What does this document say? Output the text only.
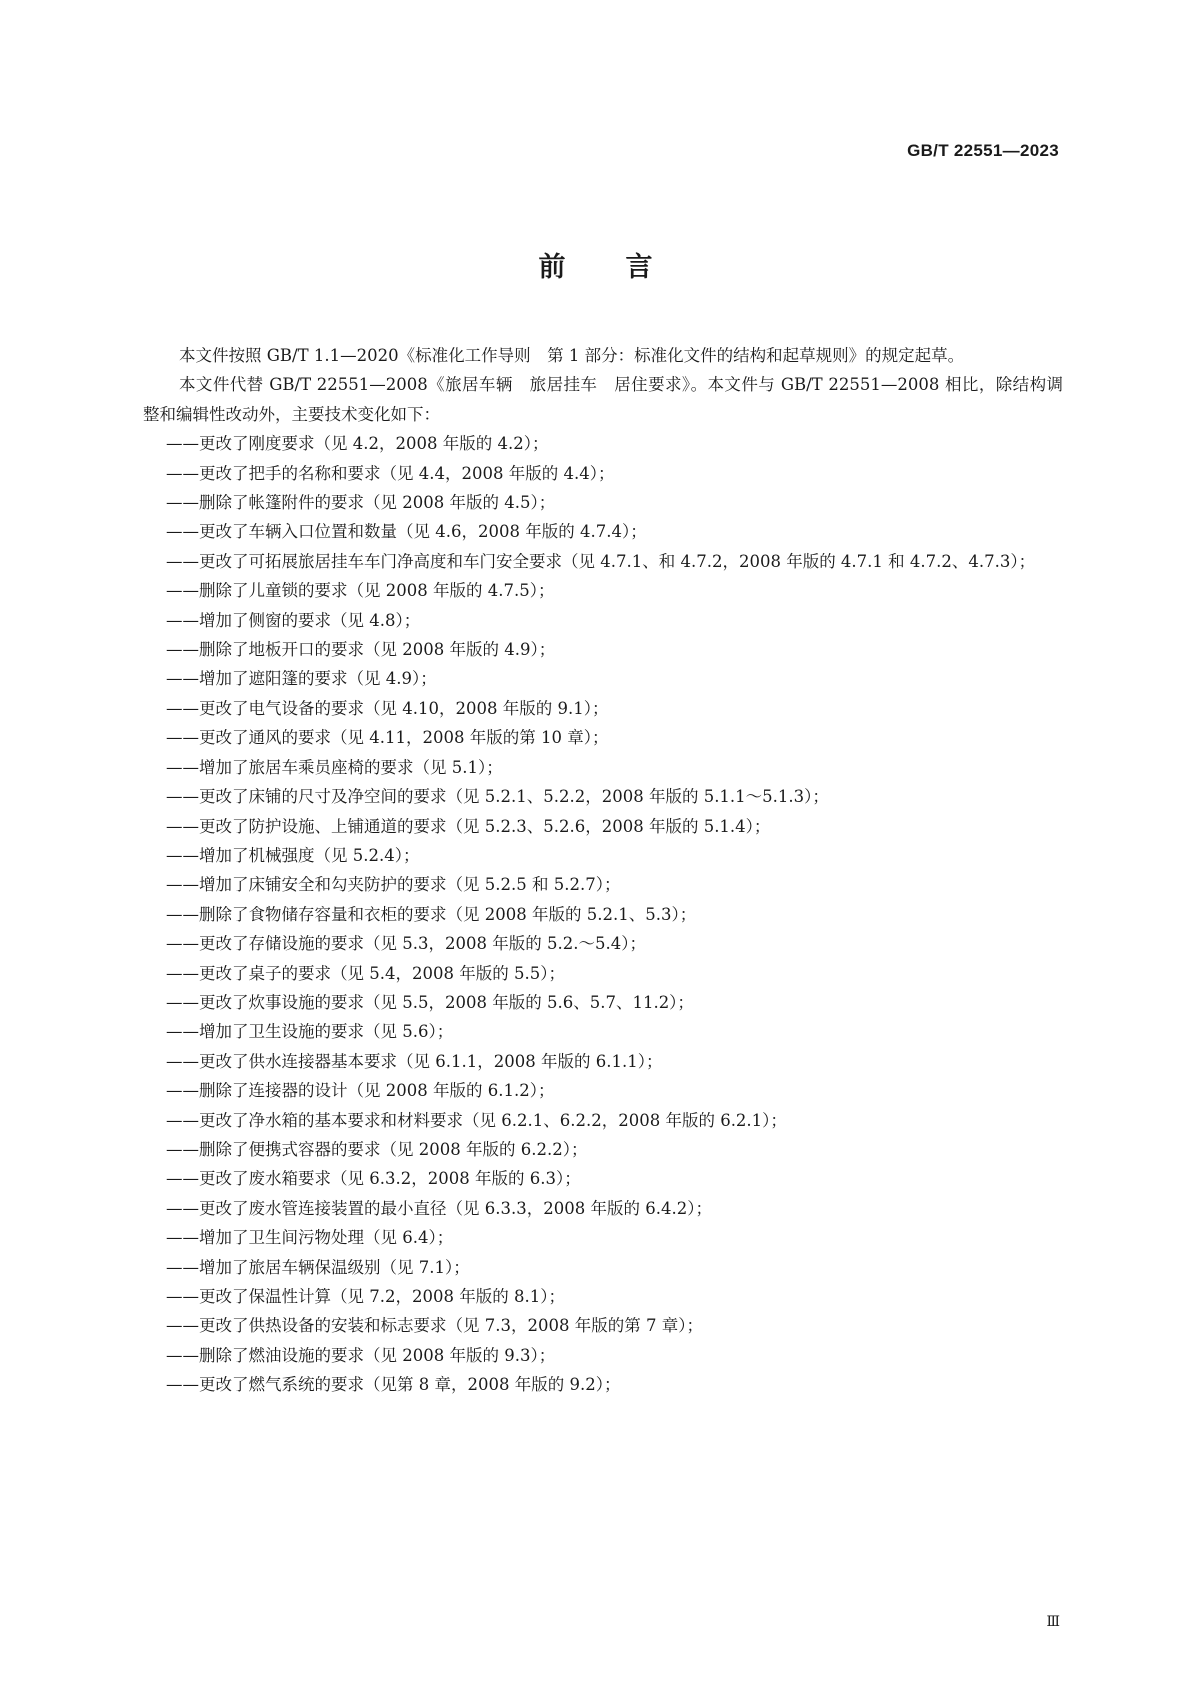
GB/T 22551—2023
前 言

本文件按照 GB/T 1.1—2020《标准化工作导则　第 1 部分：标准化文件的结构和起草规则》的规定起草。

本文件代替 GB/T 22551—2008《旅居车辆　旅居挂车　居住要求》。本文件与 GB/T 22551—2008 相比，除结构调整和编辑性改动外，主要技术变化如下：

——更改了刚度要求（见 4.2，2008 年版的 4.2）；

——更改了把手的名称和要求（见 4.4，2008 年版的 4.4）；

——删除了帐篷附件的要求（见 2008 年版的 4.5）；

——更改了车辆入口位置和数量（见 4.6，2008 年版的 4.7.4）；

——更改了可拓展旅居挂车车门净高度和车门安全要求（见 4.7.1、和 4.7.2，2008 年版的 4.7.1 和 4.7.2、4.7.3）；

——删除了儿童锁的要求（见 2008 年版的 4.7.5）；

——增加了侧窗的要求（见 4.8）；

——删除了地板开口的要求（见 2008 年版的 4.9）；

——增加了遮阳篷的要求（见 4.9）；

——更改了电气设备的要求（见 4.10，2008 年版的 9.1）；

——更改了通风的要求（见 4.11，2008 年版的第 10 章）；

——增加了旅居车乘员座椅的要求（见 5.1）；

——更改了床铺的尺寸及净空间的要求（见 5.2.1、5.2.2，2008 年版的 5.1.1～5.1.3）；

——更改了防护设施、上铺通道的要求（见 5.2.3、5.2.6，2008 年版的 5.1.4）；

——增加了机械强度（见 5.2.4）；

——增加了床铺安全和勾夹防护的要求（见 5.2.5 和 5.2.7）；

——删除了食物储存容量和衣柜的要求（见 2008 年版的 5.2.1、5.3）；

——更改了存储设施的要求（见 5.3，2008 年版的 5.2.～5.4）；

——更改了桌子的要求（见 5.4，2008 年版的 5.5）；

——更改了炊事设施的要求（见 5.5，2008 年版的 5.6、5.7、11.2）；

——增加了卫生设施的要求（见 5.6）；

——更改了供水连接器基本要求（见 6.1.1，2008 年版的 6.1.1）；

——删除了连接器的设计（见 2008 年版的 6.1.2）；

——更改了净水箱的基本要求和材料要求（见 6.2.1、6.2.2，2008 年版的 6.2.1）；

——删除了便携式容器的要求（见 2008 年版的 6.2.2）；

——更改了废水箱要求（见 6.3.2，2008 年版的 6.3）；

——更改了废水管连接装置的最小直径（见 6.3.3，2008 年版的 6.4.2）；

——增加了卫生间污物处理（见 6.4）；

——增加了旅居车辆保温级别（见 7.1）；

——更改了保温性计算（见 7.2，2008 年版的 8.1）；

——更改了供热设备的安装和标志要求（见 7.3，2008 年版的第 7 章）；

——删除了燃油设施的要求（见 2008 年版的 9.3）；

——更改了燃气系统的要求（见第 8 章，2008 年版的 9.2）；

Ⅲ
